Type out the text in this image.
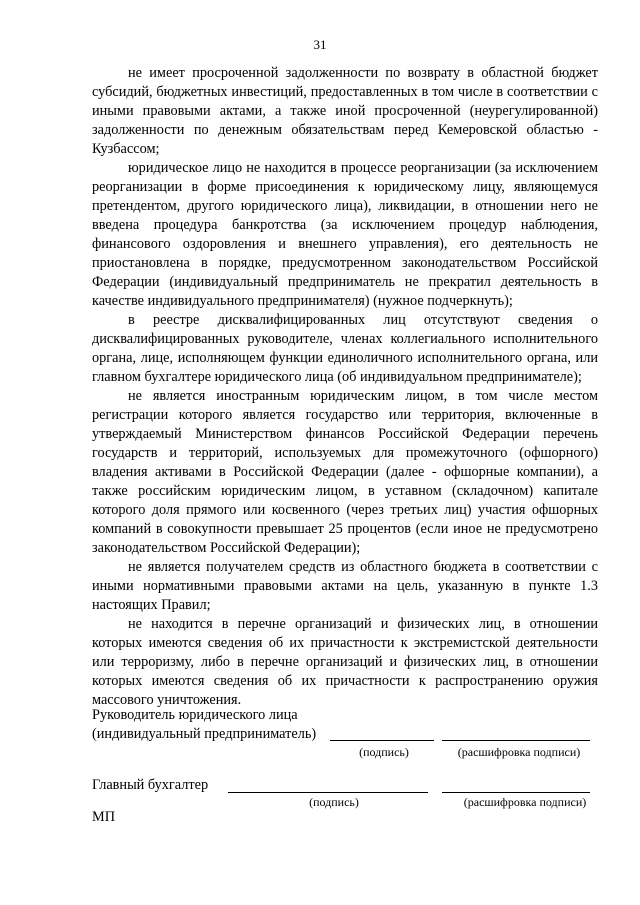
31

не имеет просроченной задолженности по возврату в областной бюджет субсидий, бюджетных инвестиций, предоставленных в том числе в соответствии с иными правовыми актами, а также иной просроченной (неурегулированной) задолженности по денежным обязательствам перед Кемеровской областью - Кузбассом;

юридическое лицо не находится в процессе реорганизации (за исключением реорганизации в форме присоединения к юридическому лицу, являющемуся претендентом, другого юридического лица), ликвидации, в отношении него не введена процедура банкротства (за исключением процедур наблюдения, финансового оздоровления и внешнего управления), его деятельность не приостановлена в порядке, предусмотренном законодательством Российской Федерации (индивидуальный предприниматель не прекратил деятельность в качестве индивидуального предпринимателя) (нужное подчеркнуть);

в реестре дисквалифицированных лиц отсутствуют сведения о дисквалифицированных руководителе, членах коллегиального исполнительного органа, лице, исполняющем функции единоличного исполнительного органа, или главном бухгалтере юридического лица (об индивидуальном предпринимателе);

не является иностранным юридическим лицом, в том числе местом регистрации которого является государство или территория, включенные в утверждаемый Министерством финансов Российской Федерации перечень государств и территорий, используемых для промежуточного (офшорного) владения активами в Российской Федерации (далее - офшорные компании), а также российским юридическим лицом, в уставном (складочном) капитале которого доля прямого или косвенного (через третьих лиц) участия офшорных компаний в совокупности превышает 25 процентов (если иное не предусмотрено законодательством Российской Федерации);

не является получателем средств из областного бюджета в соответствии с иными нормативными правовыми актами на цель, указанную в пункте 1.3 настоящих Правил;

не находится в перечне организаций и физических лиц, в отношении которых имеются сведения об их причастности к экстремистской деятельности или терроризму, либо в перечне организаций и физических лиц, в отношении которых имеются сведения об их причастности к распространению оружия массового уничтожения.

Руководитель юридического лица
(индивидуальный предприниматель)
(подпись)	(расшифровка подписи)
Главный бухгалтер
(подпись)	(расшифровка подписи)
МП
